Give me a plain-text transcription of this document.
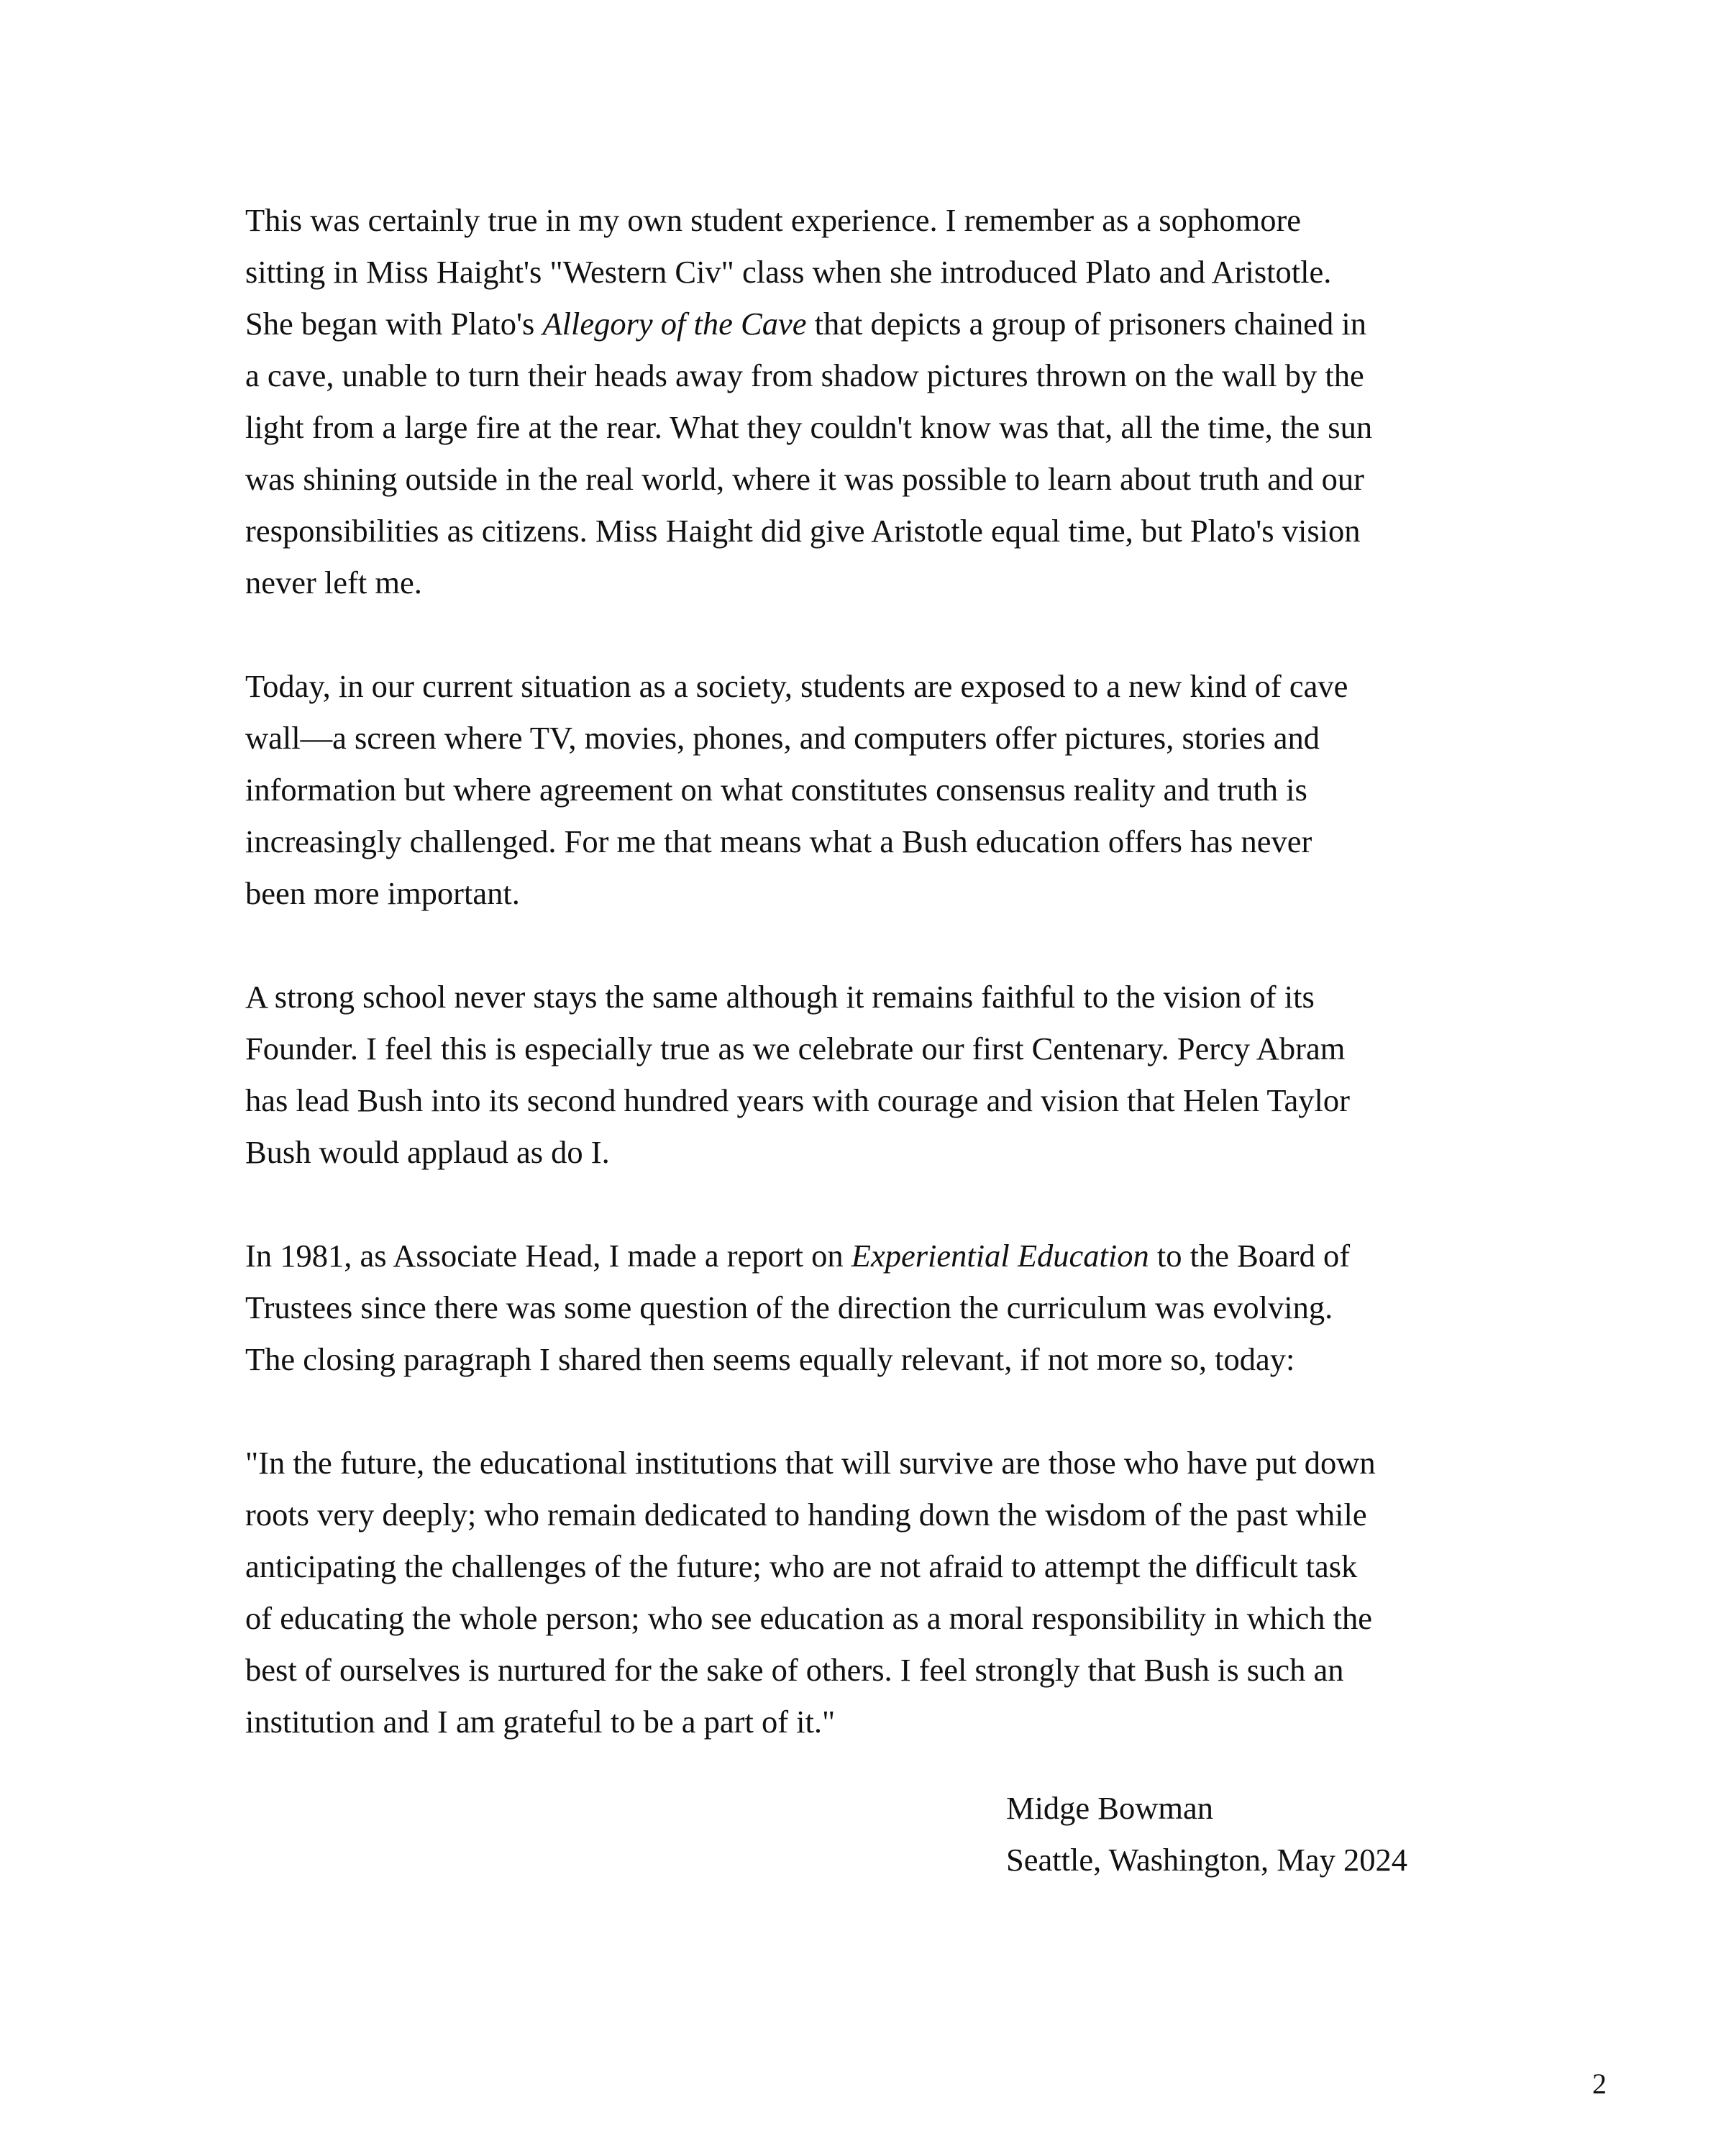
This was certainly true in my own student experience. I remember as a sophomore
sitting in Miss Haight's "Western Civ" class when she introduced Plato and Aristotle.
She began with Plato's Allegory of the Cave that depicts a group of prisoners chained in
a cave, unable to turn their heads away from shadow pictures thrown on the wall by the
light from a large fire at the rear. What they couldn't know was that, all the time, the sun
was shining outside in the real world, where it was possible to learn about truth and our
responsibilities as citizens. Miss Haight did give Aristotle equal time, but Plato's vision
never left me.

Today, in our current situation as a society, students are exposed to a new kind of cave
wall—a screen where TV, movies, phones, and computers offer pictures, stories and
information but where agreement on what constitutes consensus reality and truth is
increasingly challenged. For me that means what a Bush education offers has never
been more important.

A strong school never stays the same although it remains faithful to the vision of its
Founder. I feel this is especially true as we celebrate our first Centenary. Percy Abram
has lead Bush into its second hundred years with courage and vision that Helen Taylor
Bush would applaud as do I.

In 1981, as Associate Head, I made a report on Experiential Education to the Board of
Trustees since there was some question of the direction the curriculum was evolving.
The closing paragraph I shared then seems equally relevant, if not more so, today:

"In the future, the educational institutions that will survive are those who have put down
roots very deeply; who remain dedicated to handing down the wisdom of the past while
anticipating the challenges of the future; who are not afraid to attempt the difficult task
of educating the whole person; who see education as a moral responsibility in which the
best of ourselves is nurtured for the sake of others. I feel strongly that Bush is such an
institution and I am grateful to be a part of it."

Midge Bowman
Seattle, Washington, May 2024
2
